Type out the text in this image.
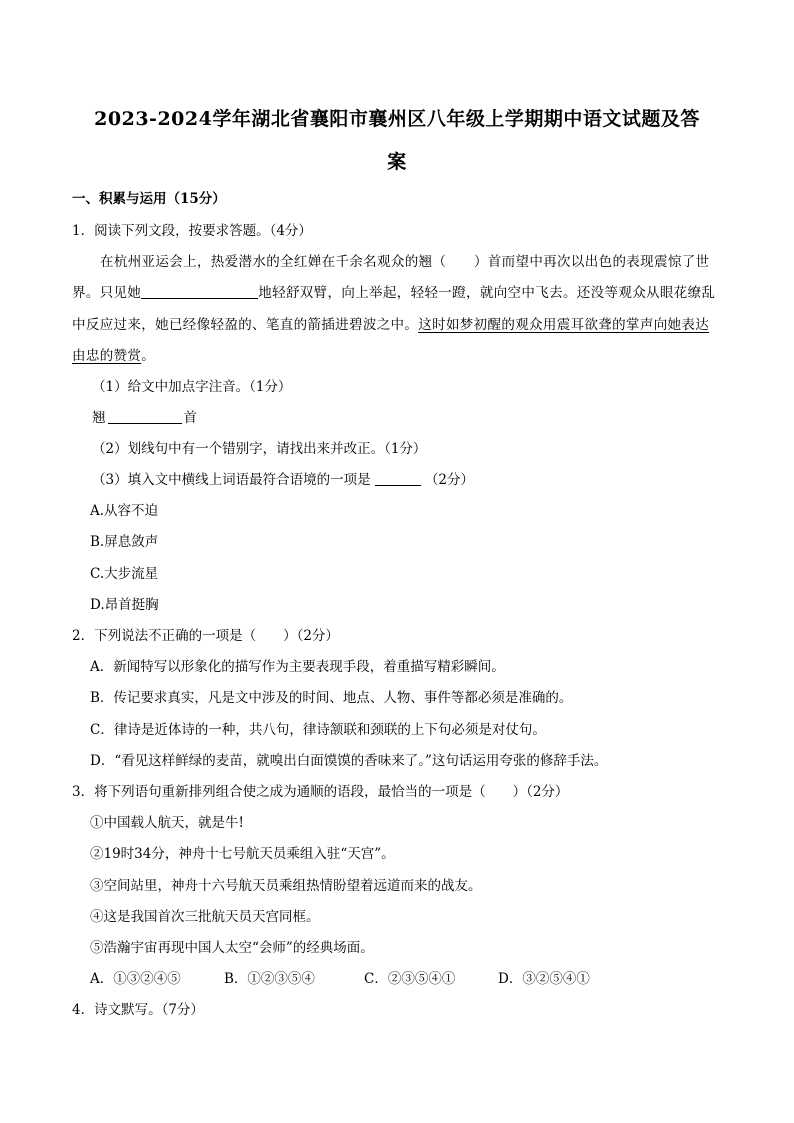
2023-2024学年湖北省襄阳市襄州区八年级上学期期中语文试题及答
案
一、积累与运用（15分）
1．阅读下列文段，按要求答题。（4分）
在杭州亚运会上，热爱潜水的全红婵在千余名观众的翘（　　）首而望中再次以出色的表现震惊了世
界。只见她	地轻舒双臂，向上举起，轻轻一蹬，就向空中飞去。还没等观众从眼花缭乱
中反应过来，她已经像轻盈的、笔直的箭插进碧波之中。这时如梦初醒的观众用震耳欲聋的掌声向她表达
由忠的赞赏。
（1）给文中加点字注音。（1分）
翘	首
（2）划线句中有一个错别字，请找出来并改正。（1分）
（3）填入文中横线上词语最符合语境的一项是	（2分）
A.从容不迫
B.屏息敛声
C.大步流星
D.昂首挺胸
2．下列说法不正确的一项是（　　）（2分）
A．新闻特写以形象化的描写作为主要表现手段，着重描写精彩瞬间。
B．传记要求真实，凡是文中涉及的时间、地点、人物、事件等都必须是准确的。
C．律诗是近体诗的一种，共八句，律诗颔联和颈联的上下句必须是对仗句。
D．“看见这样鲜绿的麦苗，就嗅出白面馍馍的香味来了。”这句话运用夸张的修辞手法。
3．将下列语句重新排列组合使之成为通顺的语段，最恰当的一项是（　　）（2分）
①中国载人航天，就是牛!
②19时34分，神舟十七号航天员乘组入驻“天宫”。
③空间站里，神舟十六号航天员乘组热情盼望着远道而来的战友。
④这是我国首次三批航天员天宫同框。
⑤浩瀚宇宙再现中国人太空“会师”的经典场面。
A．①③②④⑤	B．①②③⑤④	C．②③⑤④①	D．③②⑤④①
4．诗文默写。（7分）
